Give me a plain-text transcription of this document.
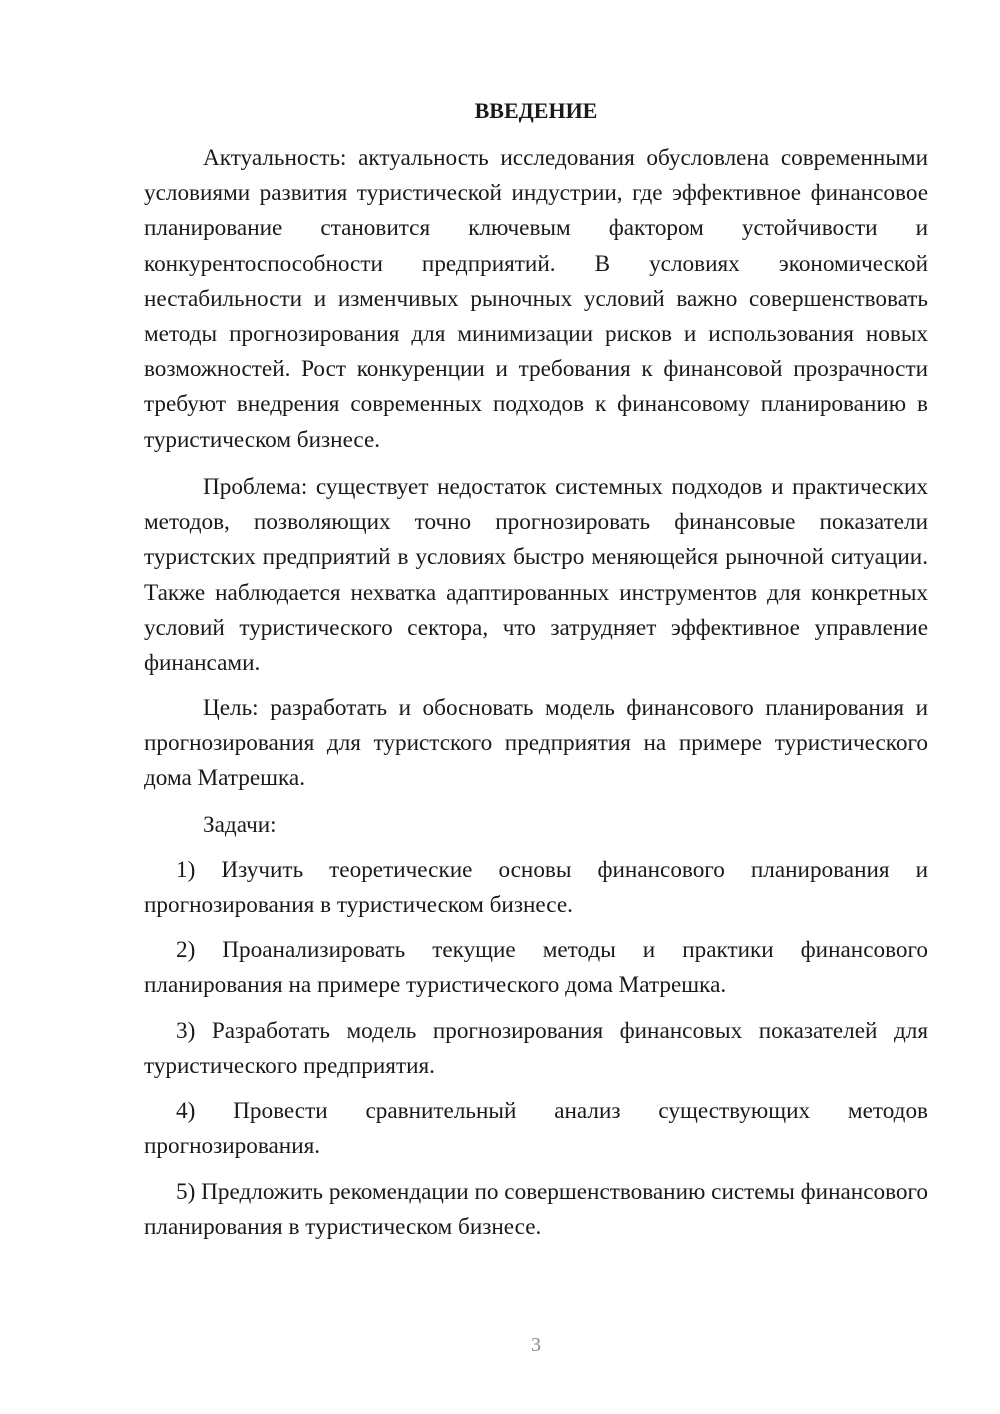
ВВЕДЕНИЕ

Актуальность: актуальность исследования обусловлена современными условиями развития туристической индустрии, где эффективное финансовое планирование становится ключевым фактором устойчивости и конкурентоспособности предприятий. В условиях экономической нестабильности и изменчивых рыночных условий важно совершенствовать методы прогнозирования для минимизации рисков и использования новых возможностей. Рост конкуренции и требования к финансовой прозрачности требуют внедрения современных подходов к финансовому планированию в туристическом бизнесе.

Проблема: существует недостаток системных подходов и практических методов, позволяющих точно прогнозировать финансовые показатели туристских предприятий в условиях быстро меняющейся рыночной ситуации. Также наблюдается нехватка адаптированных инструментов для конкретных условий туристического сектора, что затрудняет эффективное управление финансами.

Цель: разработать и обосновать модель финансового планирования и прогнозирования для туристского предприятия на примере туристического дома Матрешка.

Задачи:

1) Изучить теоретические основы финансового планирования и прогнозирования в туристическом бизнесе.

2) Проанализировать текущие методы и практики финансового планирования на примере туристического дома Матрешка.

3) Разработать модель прогнозирования финансовых показателей для туристического предприятия.

4) Провести сравнительный анализ существующих методов прогнозирования.

5) Предложить рекомендации по совершенствованию системы финансового планирования в туристическом бизнесе.

3
